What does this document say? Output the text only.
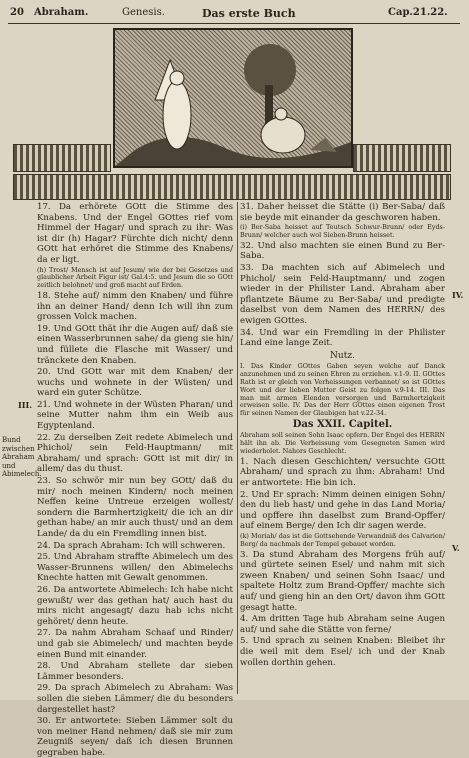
20 Abraham.	Genesis.	Das erste Buch	Cap.21.22.
Bund zwischen Abraham und Abimelech.
III.
IV.
V.

17. Da erhörete GOtt die Stimme des Knabens. Und der Engel GOttes rief vom Himmel der Hagar/ und sprach zu ihr: Was ist dir (h) Hagar? Fürchte dich nicht/ denn GOtt hat erhöret die Stimme des Knabens/ da er ligt.

(h) Trost/ Mensch ist auf Jesum/ wie der bei Gesetzes und glaublicher Arbeit Figur ist/ Gal.4:5. und Jesum die so GOtt zeitlich belohnet/ und groß macht auf Erden.

18. Stehe auf/ nimm den Knaben/ und führe ihn an deiner Hand/ denn Ich will ihn zum grossen Volck machen.

19. Und GOtt thät ihr die Augen auf/ daß sie einen Wasserbrunnen sahe/ da gieng sie hin/ und füllete die Flasche mit Wasser/ und tränckete den Knaben.

20. Und GOtt war mit dem Knaben/ der wuchs und wohnete in der Wüsten/ und ward ein guter Schütze.

21. Und wohnete in der Wüsten Pharan/ und seine Mutter nahm ihm ein Weib aus Egyptenland.

22. Zu derselben Zeit redete Abimelech und Phichol/ sein Feld-Hauptmann/ mit Abraham/ und sprach: GOtt ist mit dir/ in allem/ das du thust.

23. So schwör mir nun bey GOtt/ daß du mir/ noch meinen Kindern/ noch meinen Neffen keine Untreue erzeigen wollest/ sondern die Barmhertzigkeit/ die ich an dir gethan habe/ an mir auch thust/ und an dem Lande/ da du ein Fremdling innen bist.

24. Da sprach Abraham: Ich will schweren.

25. Und Abraham straffte Abimelech um des Wasser-Brunnens willen/ den Abimelechs Knechte hatten mit Gewalt genommen.

26. Da antwortete Abimelech: Ich habe nicht gewußt/ wer das gethan hat/ auch hast du mirs nicht angesagt/ dazu hab ichs nicht gehöret/ denn heute.

27. Da nahm Abraham Schaaf und Rinder/ und gab sie Abimelech/ und machten beyde einen Bund mit einander.

28. Und Abraham stellete dar sieben Lämmer besonders.

29. Da sprach Abimelech zu Abraham: Was sollen die sieben Lämmer/ die du besonders dargestellet hast?

30. Er antwortete: Sieben Lämmer solt du von meiner Hand nehmen/ daß sie mir zum Zeugniß seyen/ daß ich diesen Brunnen gegraben habe.

31. Daher heisset die Stätte (i) Ber-Saba/ daß sie beyde mit einander da geschworen haben.

(i) Ber-Saba heisset auf Teutsch Schwur-Brunn/ oder Eyds-Brunn/ welcher auch wol Sieben-Brunn heisset.

32. Und also machten sie einen Bund zu Ber-Saba.

33. Da machten sich auf Abimelech und Phichol/ sein Feld-Hauptmann/ und zogen wieder in der Philister Land. Abraham aber pflantzete Bäume zu Ber-Saba/ und predigte daselbst von dem Namen des HERRN/ des ewigen GOttes.

34. Und war ein Fremdling in der Philister Land eine lange Zeit.

Nutz.

I. Das Kinder GOttes Gaben seyen welche auf Danck anzunehmen und zu seinen Ehren zu erziehen. v.1-9. II. GOttes Rath ist er gleich von Verheissungen verbannet/ so ist GOttes Wort und der lieben Mutter Geist zu folgen v.9-14. III. Das man mit armen Elenden versorgen und Barmhertzigkeit erweisen solle. IV. Das der Herr GOttes einen eigenen Trost für seinen Namen der Glaubigen hat v.22-34.

Das XXII. Capitel.

Abraham soll seinen Sohn Isaac opfern. Der Engel des HERRN hält ihn ab. Die Verheissung vom Gesegneten Samen wird wiederholet. Nahors Geschlecht.

1. Nach diesen Geschichten/ versuchte GOtt Abraham/ und sprach zu ihm: Abraham! Und er antwortete: Hie bin ich.

2. Und Er sprach: Nimm deinen einigen Sohn/ den du lieb hast/ und gehe in das Land Moria/ und opffere ihn daselbst zum Brand-Opffer/ auf einem Berge/ den Ich dir sagen werde.

(k) Moriah/ das ist die Gottsehende Verwandniß des Calvarien/ Berg/ da nachmals der Tempel gebauet worden.

3. Da stund Abraham des Morgens früh auf/ und gürtete seinen Esel/ und nahm mit sich zween Knaben/ und seinen Sohn Isaac/ und spaltete Holtz zum Brand-Opffer/ machte sich auf/ und gieng hin an den Ort/ davon ihm GOtt gesagt hatte.

4. Am dritten Tage hub Abraham seine Augen auf/ und sahe die Stätte von ferne/

5. Und sprach zu seinen Knaben: Bleibet ihr die weil mit dem Esel/ ich und der Knab wollen dorthin gehen.
